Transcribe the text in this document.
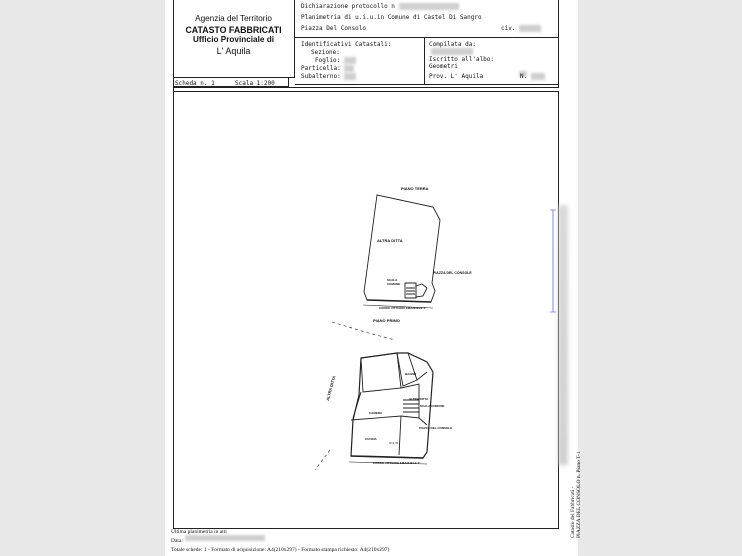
Agenzia del Territorio
CATASTO FABBRICATI
Ufficio Provinciale di
L' Aquila
Dichiarazione protocollo n
Planimetria di u.i.u.in Comune di Castel Di Sangro
Piazza Del Consolo	civ.
Identificativi Catastali:
Sezione:
Foglio:
Particella:
Subalterno:
Compilata da:

Iscritto all'albo:
Geometri
Prov. L' Aquila	N.
Scheda n. 1	Scala 1:200
PIANO TERRA
ALTRA DITTA
PIAZZA DEL CONSOLE
SCALA COMUNE
CORSO VITTORIO EMANUELE 2°
PIANO PRIMO
ALTRA DITTA
BAGNO
CAMERA
CUCINA
ALTRA DITTA
SCALA COMUNE
PIAZZA DEL CONSOLE
CORSO VITTORIO EMANUELE 2°
H=2.70
Ultima planimetria in atti
Data:

Totale schede: 1 - Formato di acquisizione: A4(210x297) - Formato stampa richiesto: A4(210x297)
Catasto dei Fabbricati - PIAZZA DEL CONSOLO n. Piano T-1
